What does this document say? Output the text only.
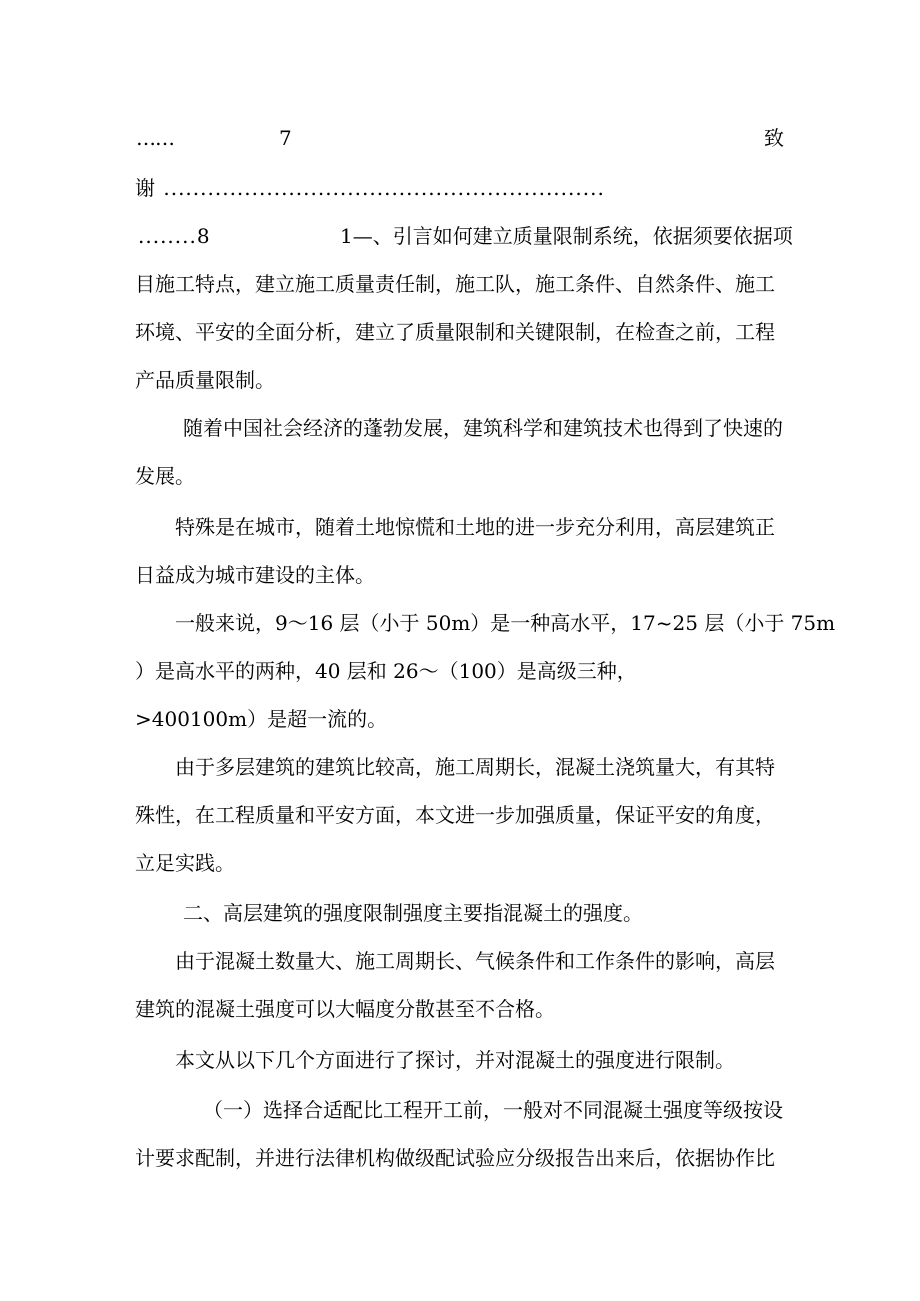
……	7	致
谢 ............................................................
........8	1—、引言如何建立质量限制系统，依据须要依据项
目施工特点，建立施工质量责任制，施工队，施工条件、自然条件、施工
环境、平安的全面分析，建立了质量限制和关键限制，在检查之前，工程
产品质量限制。
随着中国社会经济的蓬勃发展，建筑科学和建筑技术也得到了快速的
发展。
特殊是在城市，随着土地惊慌和土地的进一步充分利用，高层建筑正
日益成为城市建设的主体。
一般来说，9～16 层（小于 50m）是一种高水平，17~25 层（小于 75m
）是高水平的两种，40 层和 26～（100）是高级三种，
>400100m）是超一流的。
由于多层建筑的建筑比较高，施工周期长，混凝土浇筑量大，有其特
殊性，在工程质量和平安方面，本文进一步加强质量，保证平安的角度，
立足实践。
二、高层建筑的强度限制强度主要指混凝土的强度。
由于混凝土数量大、施工周期长、气候条件和工作条件的影响，高层
建筑的混凝土强度可以大幅度分散甚至不合格。
本文从以下几个方面进行了探讨，并对混凝土的强度进行限制。
（一）选择合适配比工程开工前，一般对不同混凝土强度等级按设
计要求配制，并进行法律机构做级配试验应分级报告出来后，依据协作比
